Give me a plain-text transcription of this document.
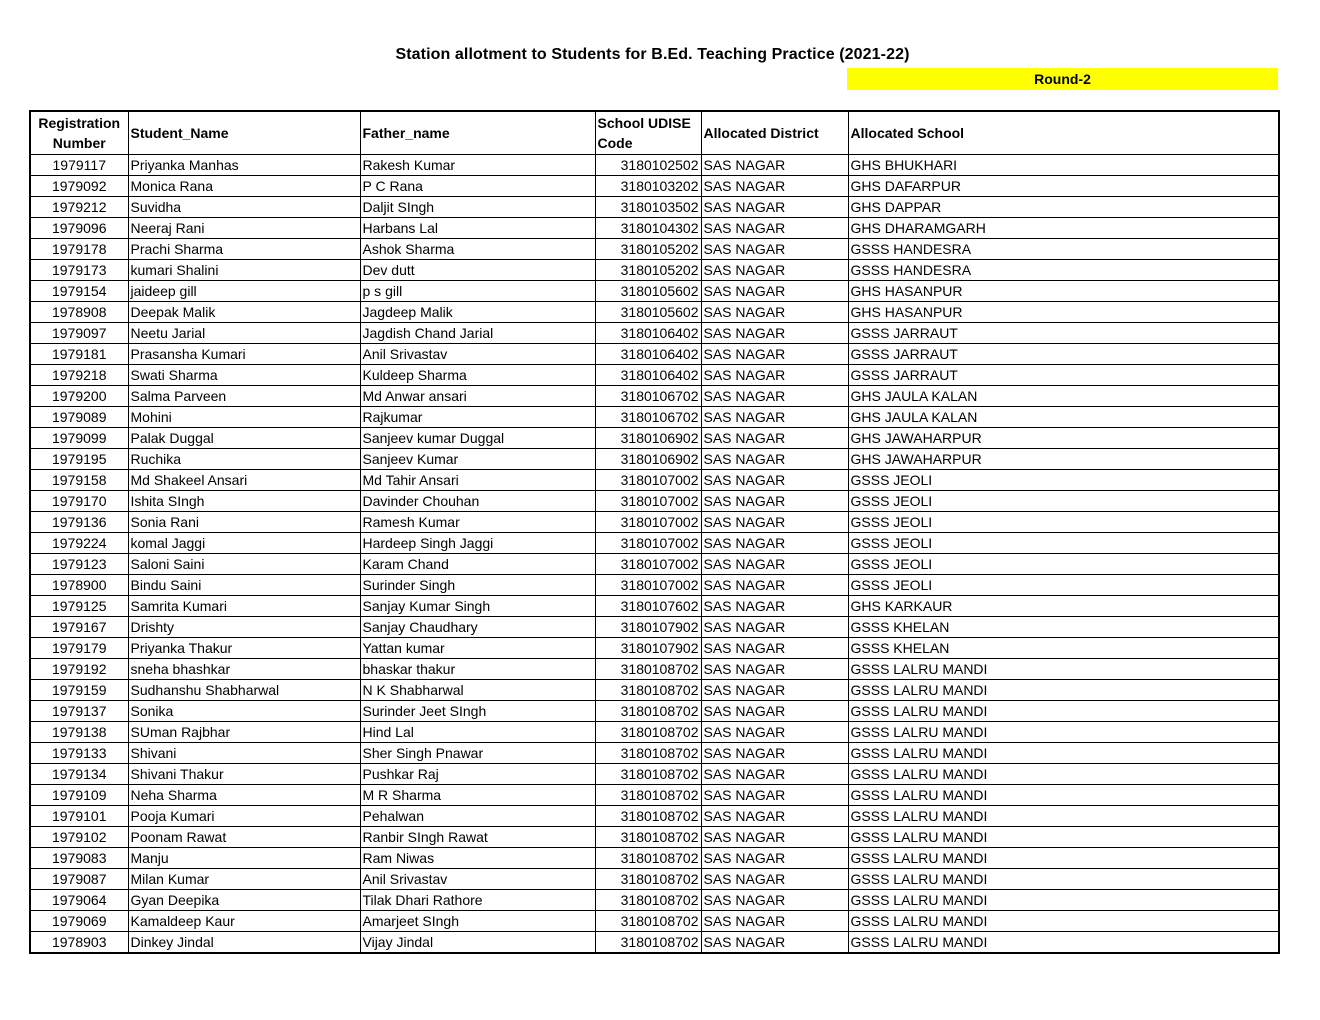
Station allotment to Students for B.Ed. Teaching Practice (2021-22)
Round-2
Registration Number	Student_Name	Father_name	School UDISE Code	Allocated District	Allocated School
1979117	Priyanka Manhas	Rakesh Kumar	3180102502	SAS NAGAR	GHS BHUKHARI
1979092	Monica Rana	P C Rana	3180103202	SAS NAGAR	GHS DAFARPUR
1979212	Suvidha	Daljit SIngh	3180103502	SAS NAGAR	GHS DAPPAR
1979096	Neeraj Rani	Harbans Lal	3180104302	SAS NAGAR	GHS DHARAMGARH
1979178	Prachi Sharma	Ashok Sharma	3180105202	SAS NAGAR	GSSS HANDESRA
1979173	kumari Shalini	Dev dutt	3180105202	SAS NAGAR	GSSS HANDESRA
1979154	jaideep gill	p s gill	3180105602	SAS NAGAR	GHS HASANPUR
1978908	Deepak Malik	Jagdeep Malik	3180105602	SAS NAGAR	GHS HASANPUR
1979097	Neetu Jarial	Jagdish Chand Jarial	3180106402	SAS NAGAR	GSSS JARRAUT
1979181	Prasansha Kumari	Anil Srivastav	3180106402	SAS NAGAR	GSSS JARRAUT
1979218	Swati Sharma	Kuldeep Sharma	3180106402	SAS NAGAR	GSSS JARRAUT
1979200	Salma Parveen	Md Anwar ansari	3180106702	SAS NAGAR	GHS JAULA KALAN
1979089	Mohini	Rajkumar	3180106702	SAS NAGAR	GHS JAULA KALAN
1979099	Palak Duggal	Sanjeev kumar Duggal	3180106902	SAS NAGAR	GHS JAWAHARPUR
1979195	Ruchika	Sanjeev Kumar	3180106902	SAS NAGAR	GHS JAWAHARPUR
1979158	Md Shakeel Ansari	Md Tahir Ansari	3180107002	SAS NAGAR	GSSS JEOLI
1979170	Ishita SIngh	Davinder Chouhan	3180107002	SAS NAGAR	GSSS JEOLI
1979136	Sonia Rani	Ramesh Kumar	3180107002	SAS NAGAR	GSSS JEOLI
1979224	komal Jaggi	Hardeep Singh Jaggi	3180107002	SAS NAGAR	GSSS JEOLI
1979123	Saloni Saini	Karam Chand	3180107002	SAS NAGAR	GSSS JEOLI
1978900	Bindu Saini	Surinder Singh	3180107002	SAS NAGAR	GSSS JEOLI
1979125	Samrita Kumari	Sanjay Kumar Singh	3180107602	SAS NAGAR	GHS KARKAUR
1979167	Drishty	Sanjay Chaudhary	3180107902	SAS NAGAR	GSSS KHELAN
1979179	Priyanka Thakur	Yattan kumar	3180107902	SAS NAGAR	GSSS KHELAN
1979192	sneha bhashkar	bhaskar thakur	3180108702	SAS NAGAR	GSSS LALRU MANDI
1979159	Sudhanshu Shabharwal	N K Shabharwal	3180108702	SAS NAGAR	GSSS LALRU MANDI
1979137	Sonika	Surinder Jeet SIngh	3180108702	SAS NAGAR	GSSS LALRU MANDI
1979138	SUman Rajbhar	Hind Lal	3180108702	SAS NAGAR	GSSS LALRU MANDI
1979133	Shivani	Sher Singh Pnawar	3180108702	SAS NAGAR	GSSS LALRU MANDI
1979134	Shivani Thakur	Pushkar Raj	3180108702	SAS NAGAR	GSSS LALRU MANDI
1979109	Neha Sharma	M R Sharma	3180108702	SAS NAGAR	GSSS LALRU MANDI
1979101	Pooja Kumari	Pehalwan	3180108702	SAS NAGAR	GSSS LALRU MANDI
1979102	Poonam Rawat	Ranbir SIngh Rawat	3180108702	SAS NAGAR	GSSS LALRU MANDI
1979083	Manju	Ram Niwas	3180108702	SAS NAGAR	GSSS LALRU MANDI
1979087	Milan Kumar	Anil Srivastav	3180108702	SAS NAGAR	GSSS LALRU MANDI
1979064	Gyan Deepika	Tilak Dhari Rathore	3180108702	SAS NAGAR	GSSS LALRU MANDI
1979069	Kamaldeep Kaur	Amarjeet SIngh	3180108702	SAS NAGAR	GSSS LALRU MANDI
1978903	Dinkey Jindal	Vijay Jindal	3180108702	SAS NAGAR	GSSS LALRU MANDI
